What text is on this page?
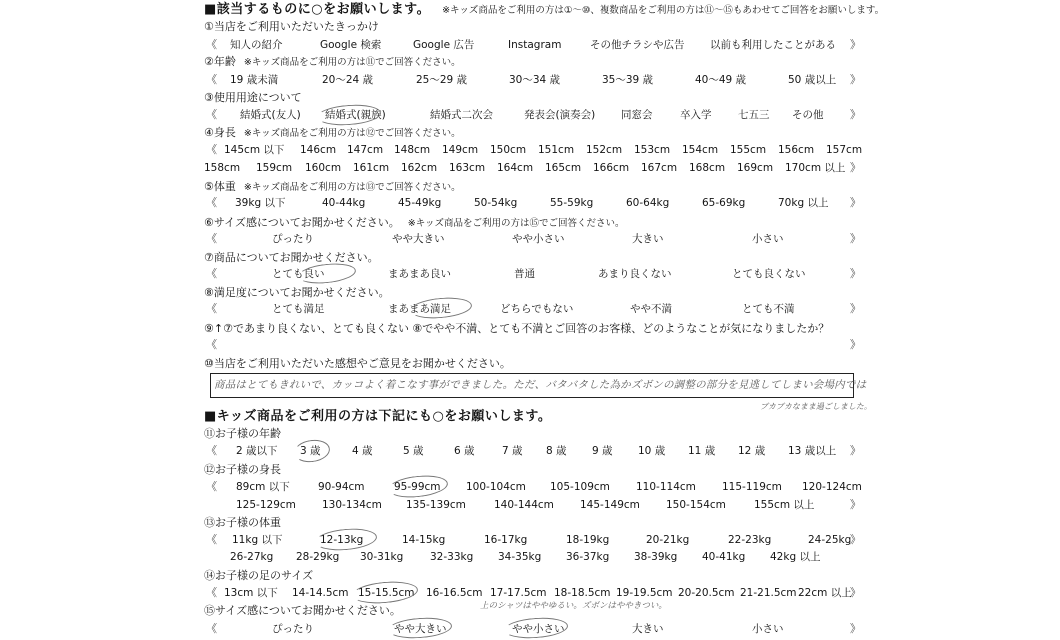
■該当するものに○をお願いします。 ※キッズ商品をご利用の方は①〜⑩、複数商品をご利用の方は⑪〜⑮もあわせてご回答をお願いします。
①当店をご利用いただいたきっかけ
《	》
知人の紹介	Google 検索	Google 広告	Instagram	その他チラシや広告 以前も利用したことがある
②年齢 ※キッズ商品をご利用の方は⑪でご回答ください。
《	》
19 歳未満	20〜24 歳	25〜29 歳	30〜34 歳	35〜39 歳	40〜49 歳	50 歳以上
③使用用途について
《	》
結婚式(友人) 結婚式(親族)	結婚式二次会	発表会(演奏会) 同窓会	卒入学	七五三 その他
④身長 ※キッズ商品をご利用の方は⑫でご回答ください。
《 145cm 以下 146cm 147cm 148cm 149cm 150cm 151cm 152cm 153cm 154cm 155cm 156cm 157cm
158cm 159cm 160cm 161cm 162cm 163cm 164cm 165cm 166cm 167cm 168cm 169cm 170cm 以上 》
⑤体重 ※キッズ商品をご利用の方は⑬でご回答ください。
《	》
39kg 以下	40-44kg	45-49kg	50-54kg	55-59kg	60-64kg	65-69kg	70kg 以上
⑥サイズ感についてお聞かせください。 ※キッズ商品をご利用の方は⑮でご回答ください。
《	》
ぴったり	やや大きい	やや小さい	大きい	小さい
⑦商品についてお聞かせください。
《	》
とても良い	まあまあ良い	普通	あまり良くない	とても良くない
⑧満足度についてお聞かせください。
《	》
とても満足	まあまあ満足	どちらでもない	やや不満	とても不満
⑨↑⑦であまり良くない、とても良くない ⑧でやや不満、とても不満とご回答のお客様、どのようなことが気になりましたか？
《	》
⑩当店をご利用いただいた感想やご意見をお聞かせください。
商品はとてもきれいで、カッコよく着こなす事ができました。ただ、バタバタした為かズボンの調整の部分を見逃してしまい会場内では
ブカブカなまま過ごしました。
■キッズ商品をご利用の方は下記にも○をお願いします。
⑪お子様の年齢
《	》
2 歳以下 3 歳	4 歳	5 歳	6 歳	7 歳 8 歳 9 歳 10 歳 11 歳 12 歳 13 歳以上
⑫お子様の身長
《 89cm 以下	90-94cm	95-99cm 100-104cm 105-109cm 110-114cm 115-119cm 120-124cm
125-129cm 130-134cm 135-139cm	140-144cm 145-149cm 150-154cm	155cm 以上	》
⑬お子様の体重
《	》
11kg 以下	12-13kg	14-15kg	16-17kg	18-19kg	20-21kg	22-23kg	24-25kg
26-27kg 28-29kg 30-31kg	32-33kg 34-35kg 36-37kg 38-39kg 40-41kg 42kg 以上
⑭お子様の足のサイズ
《	》
13cm 以下 14-14.5cm 15-15.5cm 16-16.5cm 17-17.5cm 18-18.5cm 19-19.5cm 20-20.5cm 21-21.5cm 22cm 以上
⑮サイズ感についてお聞かせください。	上のシャツはややゆるい。ズボンはややきつい。
《	》
ぴったり	やや大きい	やや小さい	大きい	小さい
